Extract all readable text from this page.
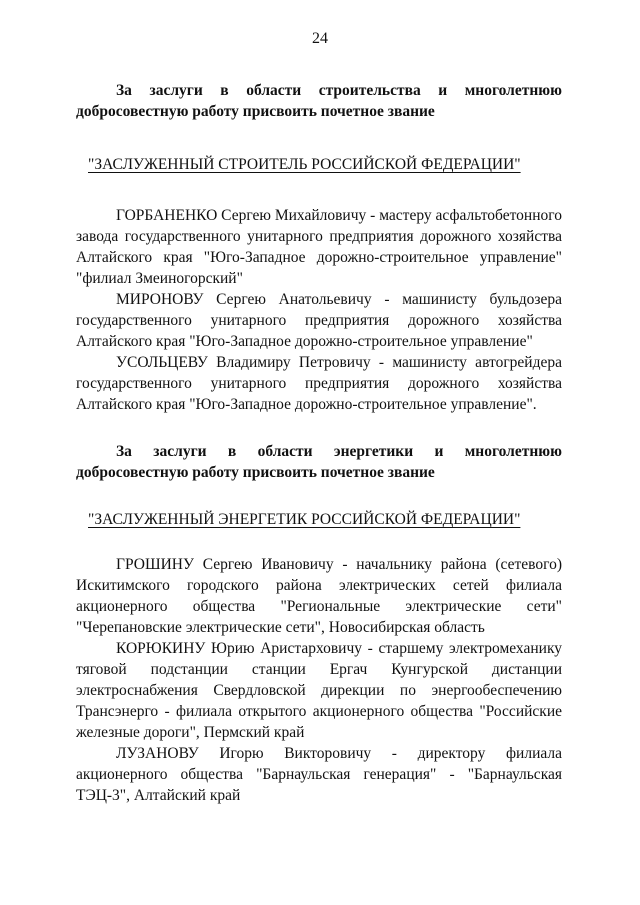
24

За заслуги в области строительства и многолетнюю добросовестную работу присвоить почетное звание

"ЗАСЛУЖЕННЫЙ СТРОИТЕЛЬ РОССИЙСКОЙ ФЕДЕРАЦИИ"

ГОРБАНЕНКО Сергею Михайловичу - мастеру асфальтобетонного завода государственного унитарного предприятия дорожного хозяйства Алтайского края "Юго-Западное дорожно-строительное управление" "филиал Змеиногорский"

МИРОНОВУ Сергею Анатольевичу - машинисту бульдозера государственного унитарного предприятия дорожного хозяйства Алтайского края "Юго-Западное дорожно-строительное управление"

УСОЛЬЦЕВУ Владимиру Петровичу - машинисту автогрейдера государственного унитарного предприятия дорожного хозяйства Алтайского края "Юго-Западное дорожно-строительное управление".

За заслуги в области энергетики и многолетнюю добросовестную работу присвоить почетное звание

"ЗАСЛУЖЕННЫЙ ЭНЕРГЕТИК РОССИЙСКОЙ ФЕДЕРАЦИИ"

ГРОШИНУ Сергею Ивановичу - начальнику района (сетевого) Искитимского городского района электрических сетей филиала акционерного общества "Региональные электрические сети" "Черепановские электрические сети", Новосибирская область

КОРЮКИНУ Юрию Аристарховичу - старшему электромеханику тяговой подстанции станции Ергач Кунгурской дистанции электроснабжения Свердловской дирекции по энергообеспечению Трансэнерго - филиала открытого акционерного общества "Российские железные дороги", Пермский край

ЛУЗАНОВУ Игорю Викторовичу - директору филиала акционерного общества "Барнаульская генерация" - "Барнаульская ТЭЦ-3", Алтайский край
